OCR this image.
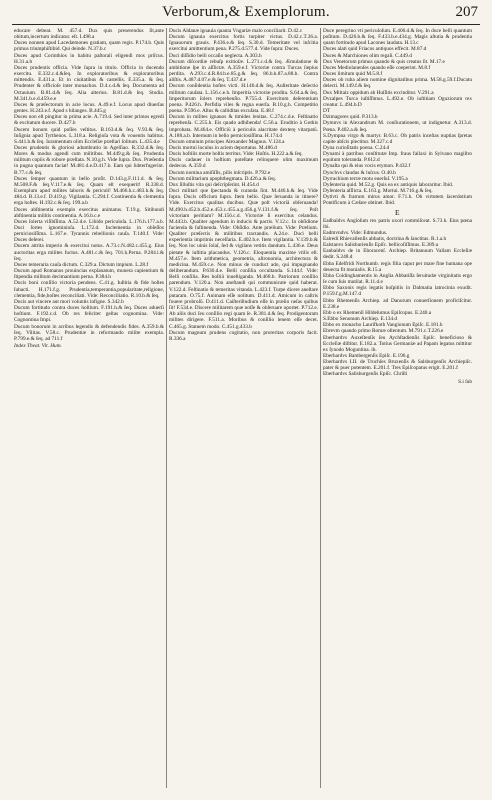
Verborum,& Exemplorum.	207

educare debeat. M. 457.d. Dux quis preserendus ſit,ante obitum,incertum indicatur. eſt. I.498.a

Duces nonnen apud Lacedæmones gratiam, quam regis. P.174.b. Quis primus triumphiſtibid. Qui deinde. N.37.b.c

Duces apud Corinthios in habitu paſtorali eligendi mos priſcus. H.31.a.b

Duces prudentis officia. Vide ſupra in titulo. Officia in ducendo exercitu. E.332.c.d.&ſeq. In exploratoribus & exploratoribus mittendis. E.431.a. Et in ciuitatibus & castellis. E.335.a. & ſeq. Prudenter & officioſe inter monachos. D.4.c.d.& ſeq. Documenta ad Octauium. B.81.d.& ſeq. Alia alterius. B.81.d.& ſeq. Studia. M.341.b.e.d.459.e.e

Duces & præſectorum in acie locus. A.49.e.f. Locus apud diuerſas gentes. H.243.e.f. Apud s hilanges. B.445.g

Duces non eſt pingitur in prima acie. A.719.d. Sed inter primos egredi & excitatum ducere. D.427.b

Ducem bonum quid poſſes veſtitus. B.163.d.& ſeq. V.93.& ſeq. Inſignia apud Tyrthenos. L.318.a. Religioſa vota & vouentis habitus. S.441.b.& ſeq. Iuramentum olim Eccleſiæ præſtari ſolitum. L.435.d.e

Duces prudentis & gloriosi adumbratio in Agelſiao. R.332.d.& ſeq. Mores & modus agendi cum militibus. M.449.g.& ſeq. Prudentia militum copiis & robore præſtata. N.10.g.h. Vide ſupra. Dux. Præſentia in pugna quantum faciat! M.481.d.e.D.417.b. Eam qui ſubterfugerint. B.77.c.& ſeq.

Duces ſemper quantum in bello proſit. D.143.g.F.111.d. & ſeq. M.508.F.& ſeq.V.117.e.& ſeq. Quam eſt exequerit! R.338.d. Exemplum apud milites laboris & periculi! M.466.h.c.483.h.& ſeq. 484.d. B.13.e.f. D.419.g. Vigilantia. C.294.f. Continentia & clementia erga hoſtes. H.192.c.& ſeq. 199.a.b

Duces abſtinentia exemplo exercitus animatus. T.19.g. Sitibundi abſtinentia militis continentia. A.16.b.c.e

Duces ſolerta viſibſſima. A.52.d.e. Libido periculoſa. L.176.h.177.a.b. Duci ſortes ignominioſa. L.172.d. Inclementia in obſeſſos perniciosiſſima. L.167.e. Tyrannis rebellionis cauſa. T.140.f. Vide: Duces deſerei.

Ducem attrita imperio & exercitui notus. A.73.c.N.482.c.455.g. Eius auctoritas erga milites fuctus. A.481.c.& ſeq. 701.h.Perna. P.284.l.& ſeq.

Duces temeraria cauſa dictum. C.329.a. Dictum impium. L.28.f

Ducum apud Romanos prouincias explanatum, munera capientium & ſtipendia militum decimantium perna. P.384.h

Ducis boni conſilio victoria pendens. C.41.g. Iuſtitia & fide hoſtes ſubacti. H.171.f.g. Prudentia,temperantia,popularitate,religione, clementia, fide,hoſtes reconciliati. Vide: Reconciliatio. R.10.b.& ſeq.

Ducis aut vincere aut mori voluntis infigne. S.342.b

Ducum fortitudo contra duces hoſtium. F.191.h.& ſeq. Duces aduerſi hoſtium. F.192.c.d. Ob res feliciter geſtas cognomina. Vide: Cognomina Impi.

Ducum bonorum in acribus legendis & defendendis fides. A.359.b.& ſeq. Vilitas. V.58.c. Prudentiæ in reformando milite exempla. P.799.e.& ſeq. ad 711.f

Index Theat. Vit. Hum.

Ducis Aldanæ ignauia quanta Vngariæ malo conciliarit. D.42.c

Ducum ignauia exercitus fortis turpiter victus. D.42.c.T.36.a. Ignauorum grauis. P.436.e.& ſeq. S.30.d. Temeritate vel inſcitia exercitui amittentium pena. P.275.d.577.d. Vide ſupra: Duces.

Duci diſſidio belli occaſio neglecta. A.303.h

Ducum diſcordiæ rebuſp exitioſæ. L.271.c.d.& ſeq. Æmulatione & ambitione ſpe in aſſlictæ. A.359.e.f. Victoriæ contra Turcas ſæpius perdita. A.293.c.d.R.84.b.e.85.g.& ſeq. 86.b.h.87.a.88.b. Contra aliſtis. A.487.d.07.e.& ſeq. T.437.d.e

Ducum conſidentia hoſtes victi. H.146.d.& ſeq. Auſteritate deſectio militum cauſata. L.156.c.e.h. Imperitia victoriæ prodita. S.64.a.& ſeq. Imperitorum ſolers reprehenſio. P.755.d. Exercitum deſerentium poena. P.426.h. Perfidia viles & regna euerſa. B.10.g.h. Competitio poena. P.596.e. Aſtus & calliditas excuſata. E.48.f

Ducum in milites ignauos & timides lenitas. C.274.c.d.e. Feſtinatio reprehenſa. C.255.h. Eis quado adhibenda! C.56.a. Eruditio à Gothis improbata. M.464.e. Officiū à periculis alacritate dexterę vitarpatū. A.188.a.b. Internum in bello perniciosiſſima. H.174.d

Ducum omnium principes Alexander Magnus. V.124.a

Ducis mortui loculus in aciem deportatus. M.486.d

Ducis hoſtilis morte hoſtis territus. Vide: Hoſtis. H.222.a.& ſeq.

Ducis cadauer in hoſtium poteſtate relinquere olim maximum dedecus. A.359.d

Ducum nomina amiſiſſis, pilis inſcriptis. P.792.e

Ducum militarium apophthegmata. D.426.a.& ſeq.

Dux ſilluſtis vita qui deſcripſerint. H.454.d

Duci militari que ſpectanda & curanda ſint. M.446.h.& ſeq. Vide ſupra. Ducis officium ſupra. Item bello. Quæ ſeruanda in itinere? Vide. Exercitus qualitas ducibus. Quæ poſt victoriā obſeruanda! M.490.h.452.b.452.e.453.c.455.a.g.456.g.V.131.f.& ſeq. Poſt victoriam peritiam? M.156.c.d. Victoriæ ſi exercitus celandus. M.443.b. Qualiter agendum in inducis & pactis. V.12.c. In obſidione facienda & ſuſtinenda. Vide: Obſidio. Ante prælium. Vide: Prælium. Qualiter præſectis & militibus tractandis. A.24.e. Duci belli experientia imprimis neceſſaria. E.402.b.e. Item vigilantia. V.139.b.& ſeq. Non loc uinis ſolaſ, ſed & vigilans vetitis dandum. L.436.e. Deus pietate & iuſtitia placandus. V.126.c. Eloquentia maxime vtilis eſt. M.457.e. Item arithmetica, geometria, aſtronomia, architectura & medicina. M.459.c.e. Non minus de cunduct ado, qui impugnando deliberandum. P.636.d.e. Belli conſilia occultanda. S.144.f. Vide: Belli conſilia. Res hoſtiū inueſtiganda. M.468.b. Patriorum conſilio parendum. V.120.a. Non aneſtandi qui communicate quid haberat. V.122.d. Feſtinatio & temeritas vitanda. L.423.f. Turpe dicere aneſtare putaram. O.75.f. Animam eſſe nolitum. D.411.d. Amicum in caſtris fouere probroſū. D.411.d. Caiſteriſtudium eſſe in prælio neſas quibus ſit! F.534.e. Discere militarem quæ noſſe & obſeruare oportet. P.712.e. Ab aliis duci ſeu conſilio regi quam ſe. R.381.d.& ſeq. Prodigentoram milites dirigere. F.511.a. Moribus & conſilio lenem eſſe decet. C.465.g. Statuem modo. C.451.g.433.b

Ducum magnum prudens cogitatio, non proreritas corporis facit. R.336.a

Duce peregrino vti periculoſum. E.406.d.& ſeq. In duce belli quantum poſitum. D.426.b.& ſeq. F.433.b.e.434.g. Magis aſtutia & prudentia quam fortitudo apud Lacones laudata. H.13.c

Duces alati quid Friacos antiquos effecit. M.87.d

Duces & Marchiones olim regali. C.449.d

Dux Venetorum primus quando & quis creatus ſit. M.17.e

Duces Mediolanenſes quando eſſe coeperint. M.8.f

Duces limitum quid M.5.8.f

Duces ob ruba aliem nomine dignitatibus prima. M.58.g.59.f.Ducatu delecti. M.149.f.& ſeq.

Dux Miltaiz oppidum ab Huſſitis excinditur. V.291.a

Dvzalpes Turca iuſtiſſimus. L.492.e. Ob iuſtitiam Oguziorum rex creatur. L.494.b.D

DT

Dzimagores quid. P.313.h

Dymnvs in Alexandrum M. conſiurationem, ut indignetur. A.313.d. Pœna. P.402.a.& ſeq.

S.Dympna virgo & martyr. B.63.c. Ob patris inceſtas nuptias ſpretas capite abſcis plectitur. M.327.c.d

Dyna curioſitatis poena. C.24.d

Dynami à patribus conſtitutæ Imp. fraus fallaxi in Sylvano magiſtro equitum toleranda. P.612.d

Dynaſta qui & eius vocis etymon. P.432.f

Dyochvs claudus & luſcus. O.40.b

Dyrrachium terræ motu euerſuſ. V.195.a

Dyſenteria quid. M.52.g. Quis ea ex antiquis laboraritur. Ibid.

Dyſenteria aſſlicta. E.163.g. Mortui. M.716.g.& ſeq.

Dytivti & fratrum mirus amor. F.71.h. Ob virtutem ſacerdotium Pontificum à Cæſare obtinet. Ibid.

E

Eadbaldvs Angloſum rex patris uxori commiſceat. S.73.h. Eius pœna ibi.

Eadmvndvs. Vide: Edmundus.

Ealredi Rhievallenſis abbatis, doctrina & ſanctitas. R.1.a.h

Ealstanvs Salisburienſis Epiſc. bellicoſiſſimus. E.389.a

Eanbaldvs de in Eboracenſ. Archiep. Britanuum Vallam Eccleſiæ dedit. S.248.d

Ebba Edelfridi Northumb. regis filia caput per mare fine humana ope deuecta fit monialis. R.15.a

Ebba Coldinghamentis in Anglia Abbatiſſa ſeruitudæ virginitatis ergo ſe cum ſuis mutilat. R.11.d.e

Ebbo Saxonis regis legatis hoſpitiis in Dalmatia latrocinia exudit. P.159.f.g.M.147.d

Ebbo Rhemenſis Archiep. ad Danorum conuerſionem proficiſcitur. E.238.e

Ebb o ex Rhemenſi Hildeſumus Epiſcopus. E.240.a

S.Ebbo Senonum Archiep. E.134.d

Ebbo ex monacho Laurifkoth Vangionum Epiſc. E.181.h

Ebrevm quando primo Romæ oſtentum. M.791.c.T.226.e

Eberhardvs Auxeſtenſis ſeu Aychſtadienſis Epiſc. beneficioso & Eccleſiæ diſtitur. E.182.a. Totius Germaniæ ad Papam legatus mittitur ex ſynodo Moguntina. ib.

Eberhardvs Bambergenſis Epiſc. E.196.g

Eberhardvs I.II. de Truchſes Bruxenſis & Salsburgenſis Archiepiſc. pater & puer potentem. E.201.f. Tres Epiſcopatus erigit. E.201.f

Eberhardvs Salisburgenſis Epiſc. Chriſti

S.i ſub
